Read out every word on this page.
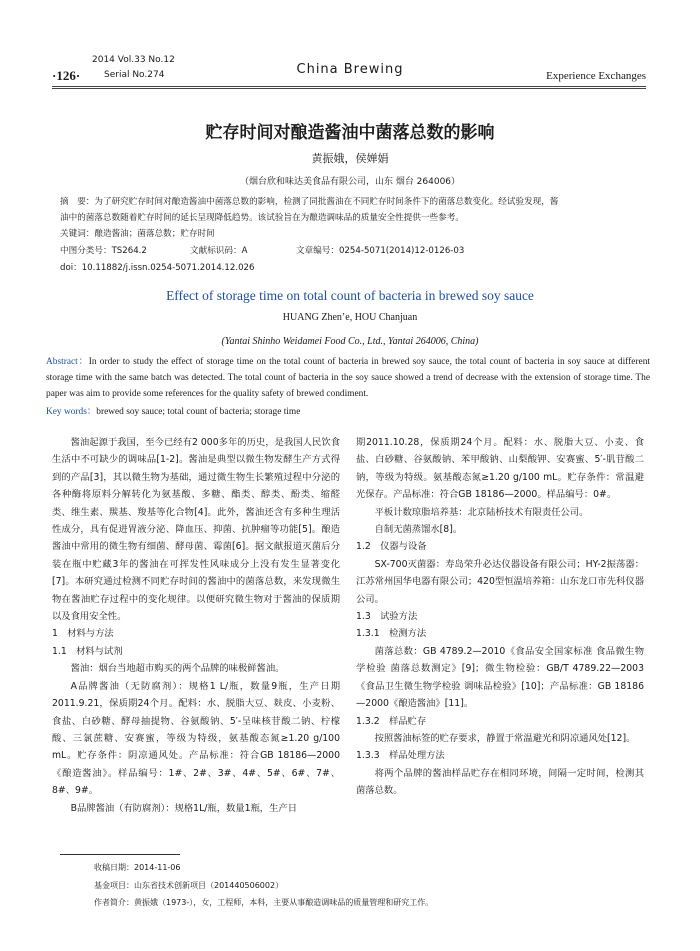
·126·
2014 Vol.33 No.12
Serial No.274	China Brewing	Experience Exchanges
贮存时间对酿造酱油中菌落总数的影响
黄振娥，侯婵娟
（烟台欣和味达美食品有限公司，山东 烟台 264006）
摘　要：为了研究贮存时间对酿造酱油中菌落总数的影响，检测了同批酱油在不同贮存时间条件下的菌落总数变化。经试验发现，酱
油中的菌落总数随着贮存时间的延长呈现降低趋势。该试验旨在为酿造调味品的质量安全性提供一些参考。
关键词：酿造酱油；菌落总数；贮存时间
中图分类号：TS264.2	文献标识码：A	文章编号：0254-5071(2014)12-0126-03
doi：10.11882/j.issn.0254-5071.2014.12.026
Effect of storage time on total count of bacteria in brewed soy sauce
HUANG Zhen’e, HOU Chanjuan
(Yantai Shinho Weidamei Food Co., Ltd., Yantai 264006, China)
Abstract：In order to study the effect of storage time on the total count of bacteria in brewed soy sauce, the total count of bacteria in soy sauce at different storage time with the same batch was detected. The total count of bacteria in the soy sauce showed a trend of decrease with the extension of storage time. The paper was aim to provide some references for the quality safety of brewed condiment.
Key words：brewed soy sauce; total count of bacteria; storage time

酱油起源于我国，至今已经有2 000多年的历史，是我国人民饮食生活中不可缺少的调味品[1-2]。酱油是典型以微生物发酵生产方式得到的产品[3]，其以微生物为基础，通过微生物生长繁殖过程中分泌的各种酶将原料分解转化为氨基酸、多糖、酯类、醇类、酚类、缩醛类、维生素、羰基、羧基等化合物[4]。此外，酱油还含有多种生理活性成分，具有促进胃液分泌、降血压、抑菌、抗肿瘤等功能[5]。酿造酱油中常用的微生物有细菌、酵母菌、霉菌[6]。据文献报道灭菌后分装在瓶中贮藏3年的酱油在可挥发性风味成分上没有发生显著变化[7]。本研究通过检测不同贮存时间的酱油中的菌落总数，来发现微生物在酱油贮存过程中的变化规律。以便研究微生物对于酱油的保质期以及食用安全性。

1　材料与方法

1.1　材料与试剂

酱油：烟台当地超市购买的两个品牌的味极鲜酱油。

A品牌酱油（无防腐剂）：规格1 L/瓶，数量9瓶，生产日期2011.9.21，保质期24个月。配料：水、脱脂大豆、麸皮、小麦粉、食盐、白砂糖、酵母抽提物、谷氨酸钠、5′-呈味核苷酸二钠、柠檬酸、三氯蔗糖、安赛蜜，等级为特级，氨基酸态氮≥1.20 g/100 mL。贮存条件：阴凉通风处。产品标准：符合GB 18186—2000《酿造酱油》。样品编号：1#、2#、3#、4#、5#、6#、7#、8#、9#。

B品牌酱油（有防腐剂）：规格1L/瓶，数量1瓶，生产日

期2011.10.28，保质期24个月。配料：水、脱脂大豆、小麦、食盐、白砂糖、谷氨酸钠、苯甲酸钠、山梨酸钾、安赛蜜、5′-肌苷酸二钠，等级为特级。氨基酸态氮≥1.20 g/100 mL。贮存条件：常温避光保存。产品标准：符合GB 18186—2000。样品编号：0#。

平板计数琼脂培养基：北京陆桥技术有限责任公司。

自制无菌蒸馏水[8]。

1.2　仪器与设备

SX-700灭菌器：寿岛荣升必达仪器设备有限公司；HY-2振荡器：江苏常州国华电器有限公司；420型恒温培养箱：山东龙口市先科仪器公司。

1.3　试验方法

1.3.1　检测方法

菌落总数：GB 4789.2—2010《食品安全国家标准 食品微生物学检验 菌落总数测定》[9]；微生物检验：GB/T 4789.22—2003《食品卫生微生物学检验 调味品检验》[10]；产品标准：GB 18186—2000《酿造酱油》[11]。

1.3.2　样品贮存

按照酱油标签的贮存要求，静置于常温避光和阴凉通风处[12]。

1.3.3　样品处理方法

将两个品牌的酱油样品贮存在相同环境，间隔一定时间，检测其菌落总数。

收稿日期：2014-11-06
基金项目：山东省技术创新项目（201440506002）
作者简介：黄振娥（1973-），女，工程师，本科，主要从事酿造调味品的质量管理和研究工作。
